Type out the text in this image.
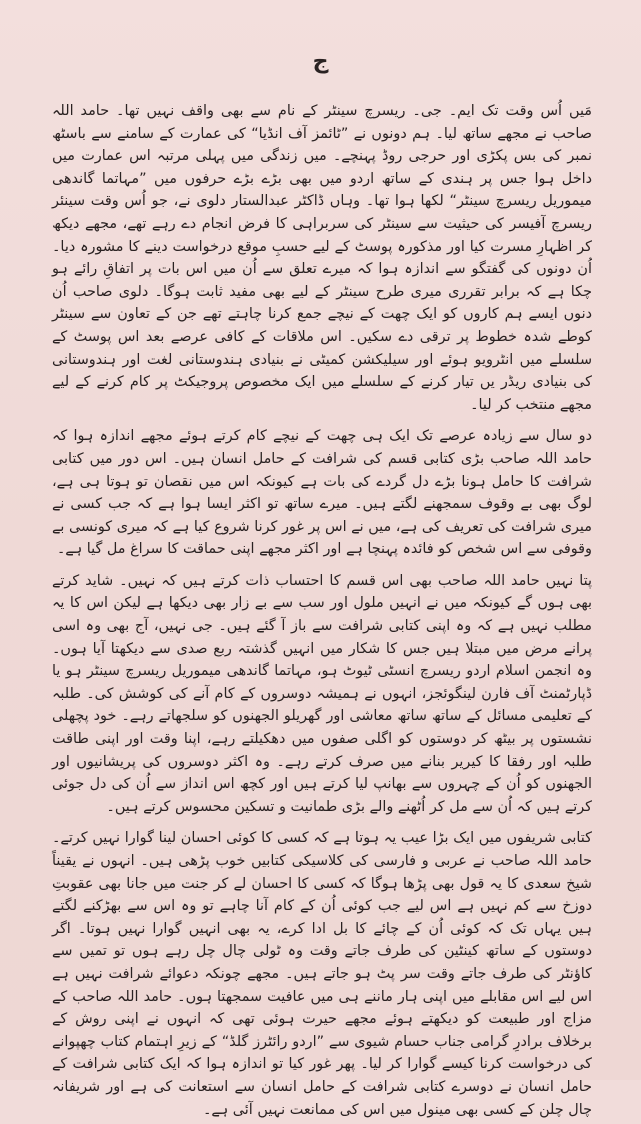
ج

مَیں اُس وقت تک ایم۔ جی۔ ریسرچ سینٹر کے نام سے بھی واقف نہیں تھا۔ حامد اللہ صاحب نے مجھے ساتھ لیا۔ ہم دونوں نے ”ٹائمز آف انڈیا“ کی عمارت کے سامنے سے باسٹھ نمبر کی بس پکڑی اور حرجی روڈ پہنچے۔ میں زندگی میں پہلی مرتبہ اس عمارت میں داخل ہوا جس پر ہندی کے ساتھ اردو میں بھی بڑے بڑے حرفوں میں ”مہاتما گاندھی میموریل ریسرچ سینٹر“ لکھا ہوا تھا۔ وہاں ڈاکٹر عبدالستار دلوی نے، جو اُس وقت سینئر ریسرچ آفیسر کی حیثیت سے سینٹر کی سربراہی کا فرض انجام دے رہے تھے، مجھے دیکھ کر اظہارِ مسرت کیا اور مذکورہ پوسٹ کے لیے حسبِ موقع درخواست دینے کا مشورہ دیا۔ اُن دونوں کی گفتگو سے اندازہ ہوا کہ میرے تعلق سے اُن میں اس بات پر اتفاقِ رائے ہو چکا ہے کہ برابر تقرری میری طرح سینٹر کے لیے بھی مفید ثابت ہوگا۔ دلوی صاحب اُن دنوں ایسے ہم کاروں کو ایک چھت کے نیچے جمع کرنا چاہتے تھے جن کے تعاون سے سینٹر کوطے شدہ خطوط پر ترقی دے سکیں۔ اس ملاقات کے کافی عرصے بعد اس پوسٹ کے سلسلے میں انٹرویو ہوئے اور سیلیکشن کمیٹی نے بنیادی ہندوستانی لغت اور ہندوستانی کی بنیادی ریڈر یں تیار کرنے کے سلسلے میں ایک مخصوص پروجیکٹ پر کام کرنے کے لیے مجھے منتخب کر لیا۔

دو سال سے زیادہ عرصے تک ایک ہی چھت کے نیچے کام کرتے ہوئے مجھے اندازہ ہوا کہ حامد اللہ صاحب بڑی کتابی قسم کی شرافت کے حامل انسان ہیں۔ اس دور میں کتابی شرافت کا حامل ہونا بڑے دل گردے کی بات ہے کیونکہ اس میں نقصان تو ہوتا ہی ہے، لوگ بھی بے وقوف سمجھنے لگتے ہیں۔ میرے ساتھ تو اکثر ایسا ہوا ہے کہ جب کسی نے میری شرافت کی تعریف کی ہے، میں نے اس پر غور کرنا شروع کیا ہے کہ میری کونسی بے وقوفی سے اس شخص کو فائدہ پہنچا ہے اور اکثر مجھے اپنی حماقت کا سراغ مل گیا ہے۔

پتا نہیں حامد اللہ صاحب بھی اس قسم کا احتساب ذات کرتے ہیں کہ نہیں۔ شاید کرتے بھی ہوں گے کیونکہ میں نے انہیں ملول اور سب سے بے زار بھی دیکھا ہے لیکن اس کا یہ مطلب نہیں ہے کہ وہ اپنی کتابی شرافت سے باز آ گئے ہیں۔ جی نہیں، آج بھی وہ اسی پرانے مرض میں مبتلا ہیں جس کا شکار میں انہیں گذشتہ ربع صدی سے دیکھتا آیا ہوں۔ وہ انجمن اسلام اردو ریسرچ انسٹی ٹیوٹ ہو، مہاتما گاندھی میموریل ریسرچ سینٹر ہو یا ڈپارٹمنٹ آف فارن لینگوئجز، انہوں نے ہمیشہ دوسروں کے کام آنے کی کوشش کی۔ طلبہ کے تعلیمی مسائل کے ساتھ ساتھ معاشی اور گھریلو الجھنوں کو سلجھاتے رہے۔ خود پچھلی نشستوں پر بیٹھ کر دوستوں کو اگلی صفوں میں دھکیلتے رہے، اپنا وقت اور اپنی طاقت طلبہ اور رفقا کا کیریر بنانے میں صرف کرتے رہے۔ وہ اکثر دوسروں کی پریشانیوں اور الجھنوں کو اُن کے چہروں سے بھانپ لیا کرتے ہیں اور کچھ اس انداز سے اُن کی دل جوئی کرتے ہیں کہ اُن سے مل کر اُٹھنے والے بڑی طمانیت و تسکین محسوس کرتے ہیں۔

کتابی شریفوں میں ایک بڑا عیب یہ ہوتا ہے کہ کسی کا کوئی احسان لینا گوارا نہیں کرتے۔ حامد اللہ صاحب نے عربی و فارسی کی کلاسیکی کتابیں خوب پڑھی ہیں۔ انہوں نے یقیناً شیخ سعدی کا یہ قول بھی پڑھا ہوگا کہ کسی کا احسان لے کر جنت میں جانا بھی عقوبتِ دوزخ سے کم نہیں ہے اس لیے جب کوئی اُن کے کام آنا چاہے تو وہ اس سے بھڑکنے لگتے ہیں یہاں تک کہ کوئی اُن کے چائے کا بل ادا کرے، یہ بھی انہیں گوارا نہیں ہوتا۔ اگر دوستوں کے ساتھ کینٹین کی طرف جاتے وقت وہ ٹولی چال چل رہے ہوں تو تمیں سے کاؤنٹر کی طرف جاتے وقت سر پٹ ہو جاتے ہیں۔ مجھے چونکہ دعوائے شرافت نہیں ہے اس لیے اس مقابلے میں اپنی ہار ماننے ہی میں عافیت سمجھتا ہوں۔ حامد اللہ صاحب کے مزاج اور طبیعت کو دیکھتے ہوئے مجھے حیرت ہوئی تھی کہ انہوں نے اپنی روش کے برخلاف برادرِ گرامی جناب حسام شیوی سے ”اردو رائٹرز گلڈ“ کے زیرِ اہتمام کتاب چھپوانے کی درخواست کرنا کیسے گوارا کر لیا۔ پھر غور کیا تو اندازہ ہوا کہ ایک کتابی شرافت کے حامل انسان نے دوسرے کتابی شرافت کے حامل انسان سے استعانت کی ہے اور شریفانہ چال چلن کے کسی بھی مینول میں اس کی ممانعت نہیں آئی ہے۔
